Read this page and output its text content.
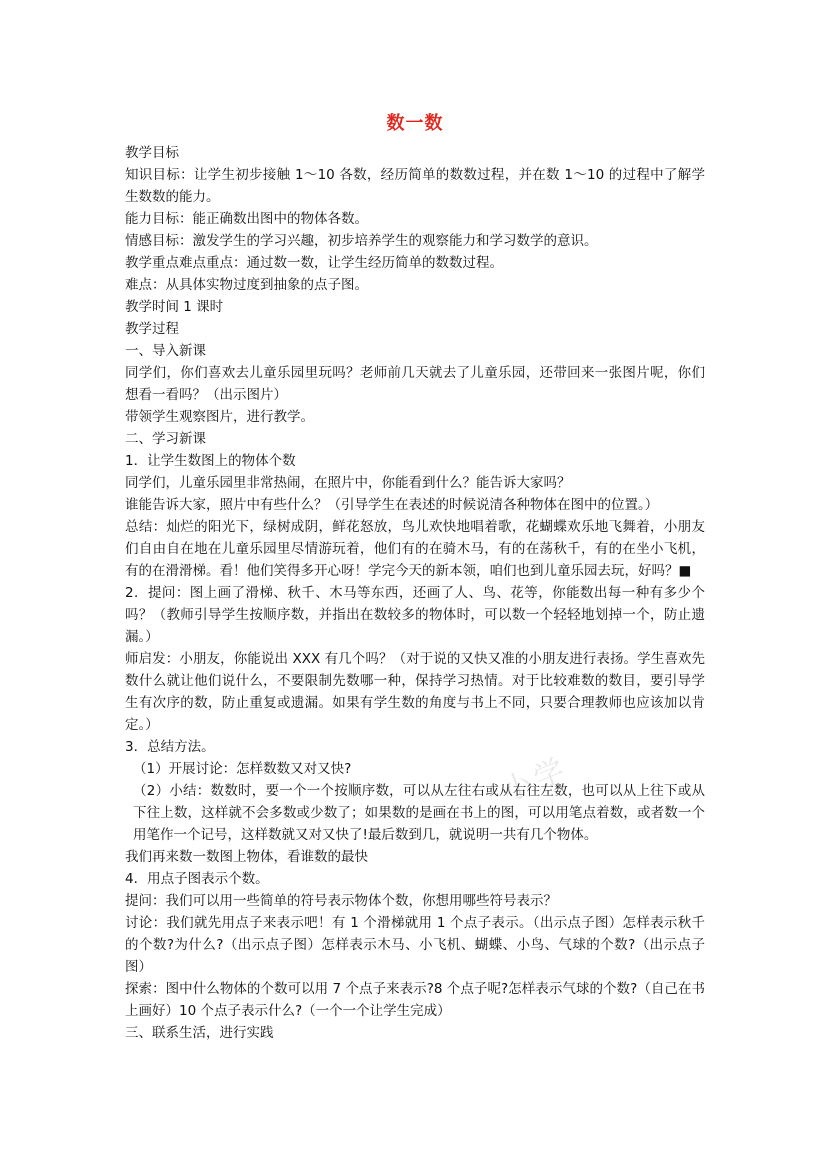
数一数

教学目标

知识目标：让学生初步接触 1～10 各数，经历简单的数数过程，并在数 1～10 的过程中了解学生数数的能力。

能力目标：能正确数出图中的物体各数。

情感目标：激发学生的学习兴趣，初步培养学生的观察能力和学习数学的意识。

教学重点难点重点：通过数一数，让学生经历简单的数数过程。

难点：从具体实物过度到抽象的点子图。

教学时间 1 课时

教学过程

一、导入新课

同学们，你们喜欢去儿童乐园里玩吗？老师前几天就去了儿童乐园，还带回来一张图片呢，你们想看一看吗？（出示图片）

带领学生观察图片，进行教学。

二、学习新课

1．让学生数图上的物体个数

同学们，儿童乐园里非常热闹，在照片中，你能看到什么？能告诉大家吗？

谁能告诉大家，照片中有些什么？（引导学生在表述的时候说清各种物体在图中的位置。）

总结：灿烂的阳光下，绿树成阴，鲜花怒放，鸟儿欢快地唱着歌，花蝴蝶欢乐地飞舞着，小朋友们自由自在地在儿童乐园里尽情游玩着，他们有的在骑木马，有的在荡秋千，有的在坐小飞机，有的在滑滑梯。看！他们笑得多开心呀！学完今天的新本领，咱们也到儿童乐园去玩，好吗？■

2．提问：图上画了滑梯、秋千、木马等东西，还画了人、鸟、花等，你能数出每一种有多少个吗？（教师引导学生按顺序数，并指出在数较多的物体时，可以数一个轻轻地划掉一个，防止遗漏。）

师启发：小朋友，你能说出 XXX 有几个吗？（对于说的又快又准的小朋友进行表扬。学生喜欢先数什么就让他们说什么，不要限制先数哪一种，保持学习热情。对于比较难数的数目，要引导学生有次序的数，防止重复或遗漏。如果有学生数的角度与书上不同，只要合理教师也应该加以肯定。）

3．总结方法。

（1）开展讨论：怎样数数又对又快?

（2）小结：数数时，要一个一个按顺序数，可以从左往右或从右往左数，也可以从上往下或从下往上数，这样就不会多数或少数了；如果数的是画在书上的图，可以用笔点着数，或者数一个用笔作一个记号，这样数就又对又快了!最后数到几，就说明一共有几个物体。

我们再来数一数图上物体，看谁数的最快

4．用点子图表示个数。

提问：我们可以用一些简单的符号表示物体个数，你想用哪些符号表示？

讨论：我们就先用点子来表示吧！有 1 个滑梯就用 1 个点子表示。（出示点子图）怎样表示秋千的个数?为什么?（出示点子图）怎样表示木马、小飞机、蝴蝶、小鸟、气球的个数?（出示点子图）

探索：图中什么物体的个数可以用 7 个点子来表示?8 个点子呢?怎样表示气球的个数?（自己在书上画好）10 个点子表示什么?（一个一个让学生完成）

三、联系生活，进行实践

小学
